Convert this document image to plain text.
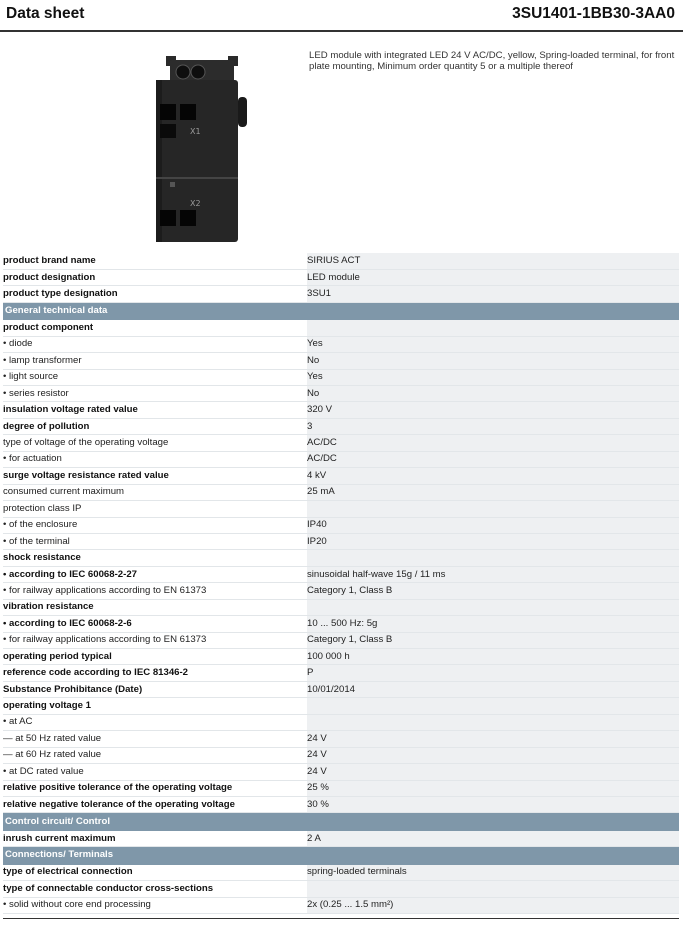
Data sheet	3SU1401-1BB30-3AA0
X1
X2
LED module with integrated LED 24 V AC/DC, yellow, Spring-loaded terminal, for front plate mounting, Minimum order quantity 5 or a multiple thereof
product brand name	SIRIUS ACT
product designation	LED module
product type designation	3SU1
General technical data	
product component	
• diode	Yes
• lamp transformer	No
• light source	Yes
• series resistor	No
insulation voltage rated value	320 V
degree of pollution	3
type of voltage of the operating voltage	AC/DC
• for actuation	AC/DC
surge voltage resistance rated value	4 kV
consumed current maximum	25 mA
protection class IP	
• of the enclosure	IP40
• of the terminal	IP20
shock resistance	
• according to IEC 60068-2-27	sinusoidal half-wave 15g / 11 ms
• for railway applications according to EN 61373	Category 1, Class B
vibration resistance	
• according to IEC 60068-2-6	10 ... 500 Hz: 5g
• for railway applications according to EN 61373	Category 1, Class B
operating period typical	100 000 h
reference code according to IEC 81346-2	P
Substance Prohibitance (Date)	10/01/2014
operating voltage 1	
• at AC	
— at 50 Hz rated value	24 V
— at 60 Hz rated value	24 V
• at DC rated value	24 V
relative positive tolerance of the operating voltage	25 %
relative negative tolerance of the operating voltage	30 %
Control circuit/ Control	
inrush current maximum	2 A
Connections/ Terminals	
type of electrical connection	spring-loaded terminals
type of connectable conductor cross-sections	
• solid without core end processing	2x (0.25 ... 1.5 mm²)
